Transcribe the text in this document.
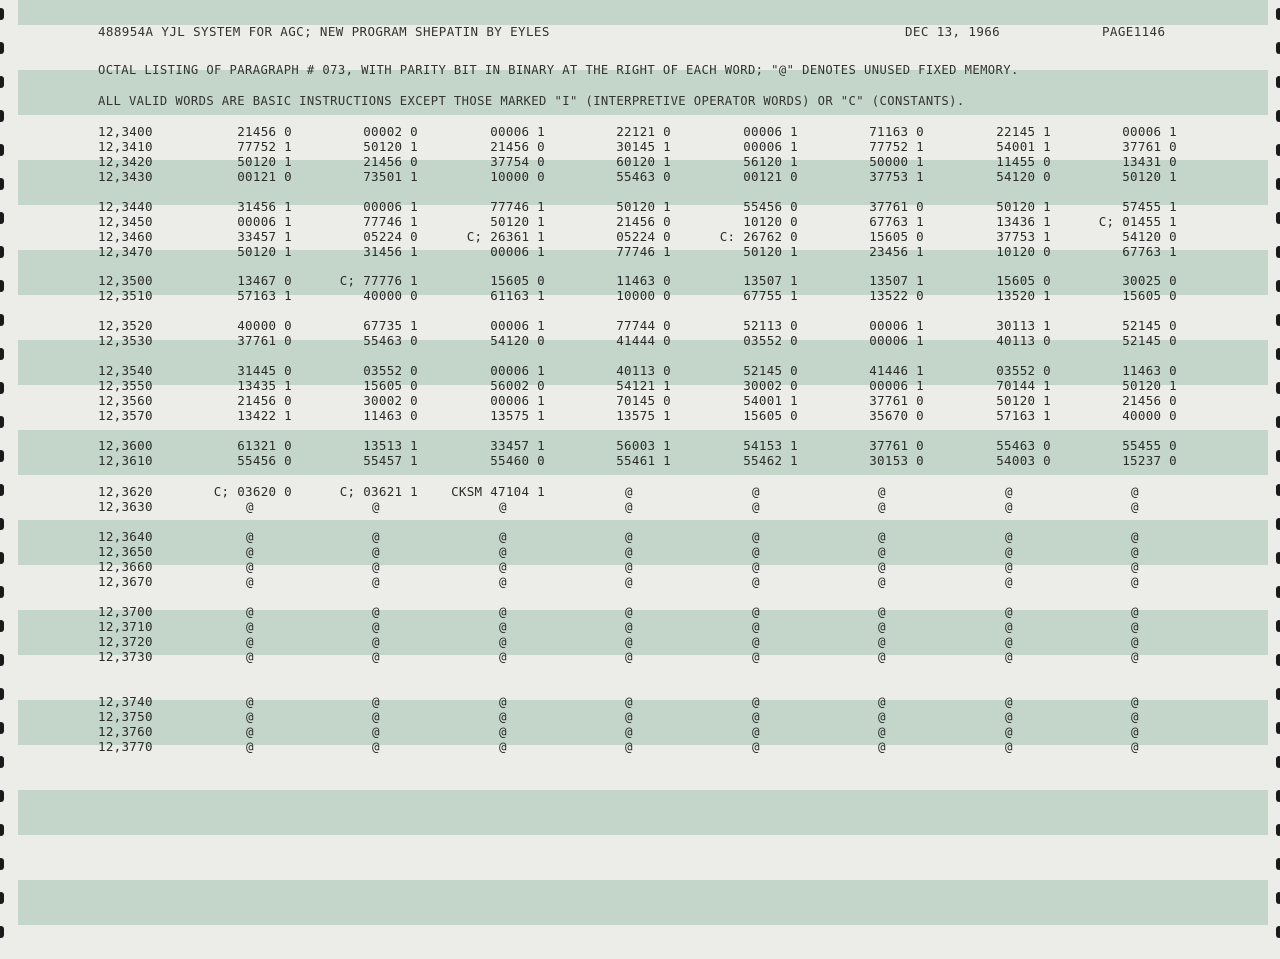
488954A YJL SYSTEM FOR AGC; NEW PROGRAM SHEPATIN BY EYLES	DEC 13, 1966	PAGE1146
OCTAL LISTING OF PARAGRAPH # 073, WITH PARITY BIT IN BINARY AT THE RIGHT OF EACH WORD; "@" DENOTES UNUSED FIXED MEMORY.
ALL VALID WORDS ARE BASIC INSTRUCTIONS EXCEPT THOSE MARKED "I" (INTERPRETIVE OPERATOR WORDS) OR "C" (CONSTANTS).
12,3400	21456 0	00002 0	00006 1	22121 0	00006 1	71163 0	22145 1	00006 1
12,3410	77752 1	50120 1	21456 0	30145 1	00006 1	77752 1	54001 1	37761 0
12,3420	50120 1	21456 0	37754 0	60120 1	56120 1	50000 1	11455 0	13431 0
12,3430	00121 0	73501 1	10000 0	55463 0	00121 0	37753 1	54120 0	50120 1
12,3440	31456 1	00006 1	77746 1	50120 1	55456 0	37761 0	50120 1	57455 1
12,3450	00006 1	77746 1	50120 1	21456 0	10120 0	67763 1	13436 1	C; 01455 1
12,3460	33457 1	05224 0	C; 26361 1	05224 0	C: 26762 0	15605 0	37753 1	54120 0
12,3470	50120 1	31456 1	00006 1	77746 1	50120 1	23456 1	10120 0	67763 1
12,3500	13467 0	C; 77776 1	15605 0	11463 0	13507 1	13507 1	15605 0	30025 0
12,3510	57163 1	40000 0	61163 1	10000 0	67755 1	13522 0	13520 1	15605 0
12,3520	40000 0	67735 1	00006 1	77744 0	52113 0	00006 1	30113 1	52145 0
12,3530	37761 0	55463 0	54120 0	41444 0	03552 0	00006 1	40113 0	52145 0
12,3540	31445 0	03552 0	00006 1	40113 0	52145 0	41446 1	03552 0	11463 0
12,3550	13435 1	15605 0	56002 0	54121 1	30002 0	00006 1	70144 1	50120 1
12,3560	21456 0	30002 0	00006 1	70145 0	54001 1	37761 0	50120 1	21456 0
12,3570	13422 1	11463 0	13575 1	13575 1	15605 0	35670 0	57163 1	40000 0
12,3600	61321 0	13513 1	33457 1	56003 1	54153 1	37761 0	55463 0	55455 0
12,3610	55456 0	55457 1	55460 0	55461 1	55462 1	30153 0	54003 0	15237 0
12,3620	C; 03620 0	C; 03621 1	CKSM 47104 1	@	@	@	@	@
12,3630	@	@	@	@	@	@	@	@
12,3640	@	@	@	@	@	@	@	@
12,3650	@	@	@	@	@	@	@	@
12,3660	@	@	@	@	@	@	@	@
12,3670	@	@	@	@	@	@	@	@
12,3700	@	@	@	@	@	@	@	@
12,3710	@	@	@	@	@	@	@	@
12,3720	@	@	@	@	@	@	@	@
12,3730	@	@	@	@	@	@	@	@
12,3740	@	@	@	@	@	@	@	@
12,3750	@	@	@	@	@	@	@	@
12,3760	@	@	@	@	@	@	@	@
12,3770	@	@	@	@	@	@	@	@
